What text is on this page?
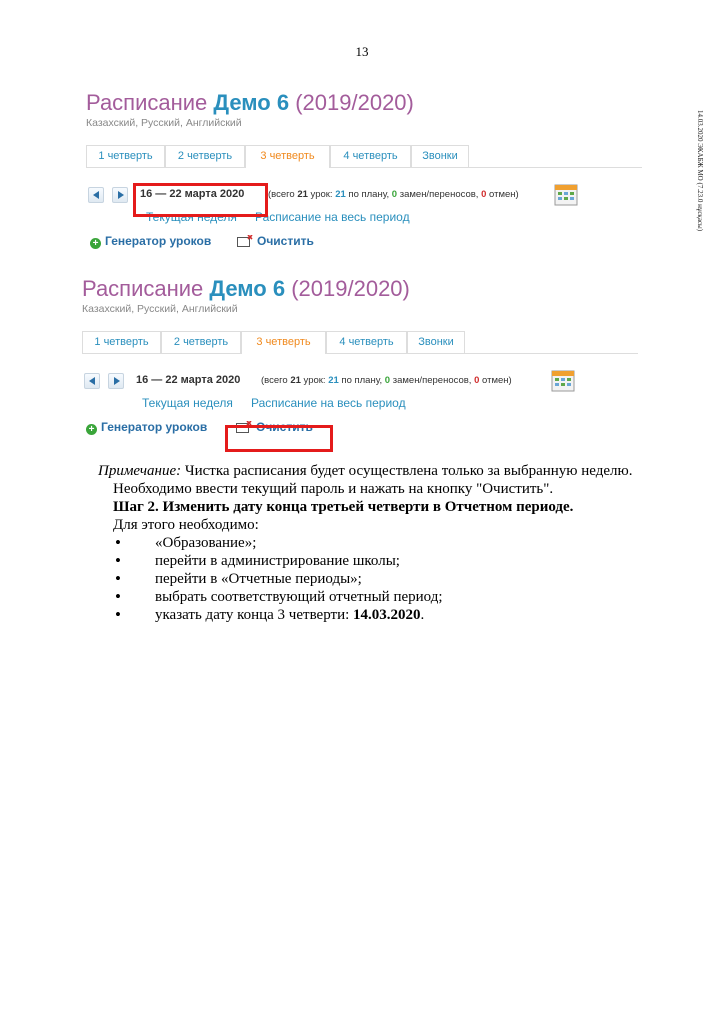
13
14.03.2020 ЭКАБЖ МО (7.23.0 нұсқасы)
Расписание Демо 6 (2019/2020)
Казахский, Русский, Английский
1 четверть	2 четверть	3 четверть	4 четверть	Звонки
16 — 22 марта 2020 (всего 21 урок: 21 по плану, 0 замен/переносов, 0 отмен)
Текущая неделя Расписание на весь период
+ Генератор уроков	Очистить
Расписание Демо 6 (2019/2020)
Казахский, Русский, Английский
1 четверть	2 четверть	3 четверть	4 четверть	Звонки
16 — 22 марта 2020 (всего 21 урок: 21 по плану, 0 замен/переносов, 0 отмен)
Текущая неделя Расписание на весь период
+ Генератор уроков	Очистить

Примечание: Чистка расписания будет осуществлена только за выбранную неделю.

Необходимо ввести текущий пароль и нажать на кнопку "Очистить".

Шаг 2. Изменить дату конца третьей четверти в Отчетном периоде.

Для этого необходимо:

• «Образование»;
• перейти в администрирование школы;
• перейти в «Отчетные периоды»;
• выбрать соответствующий отчетный период;
• указать дату конца 3 четверти: 14.03.2020.
